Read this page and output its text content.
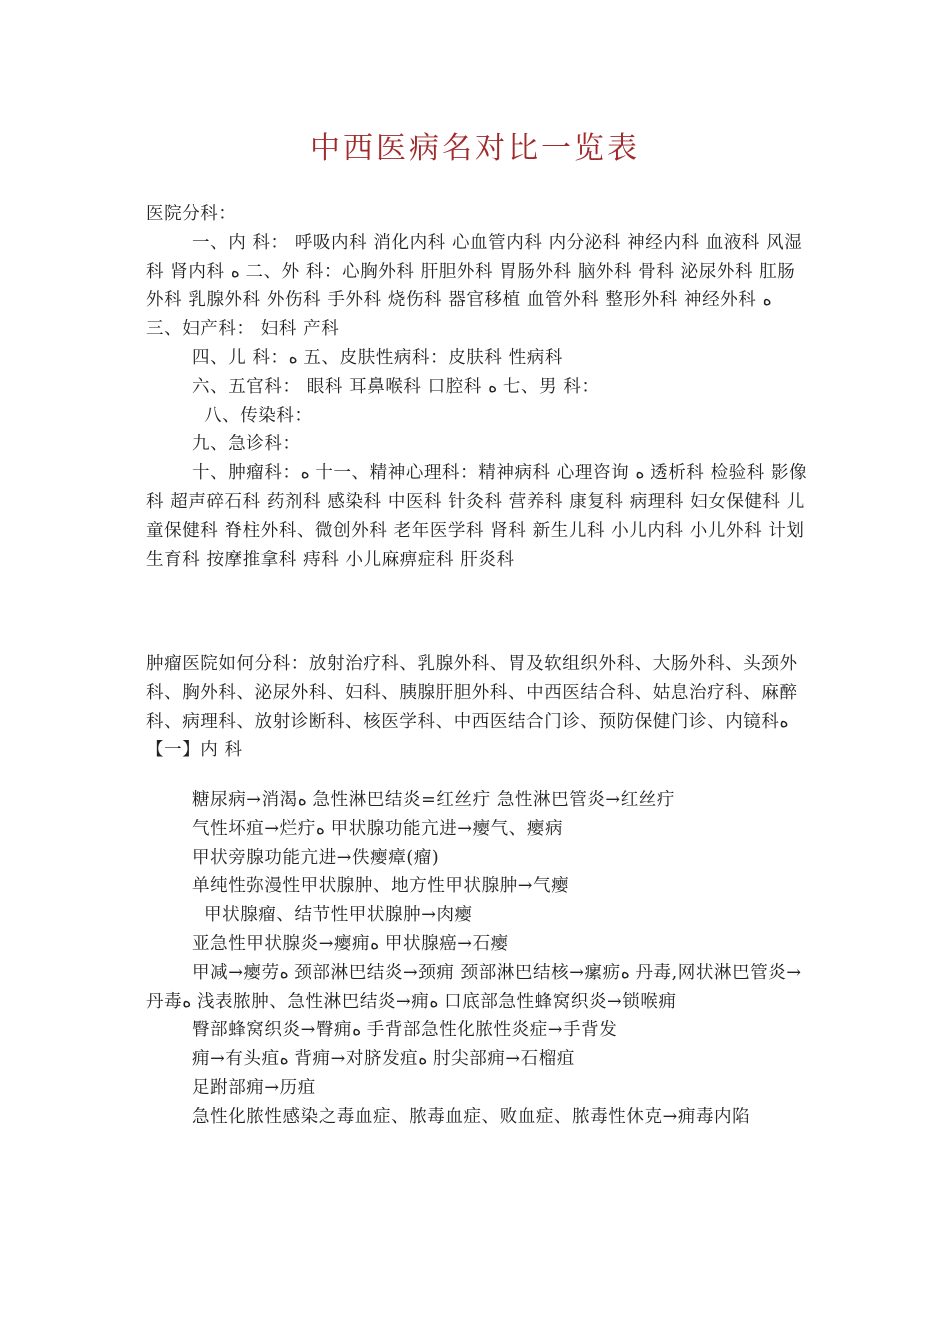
中西医病名对比一览表

医院分科：

一、内 科： 呼吸内科 消化内科 心血管内科 内分泌科 神经内科 血液科 风湿科 肾内科 ﻩ 二、外 科：心胸外科 肝胆外科 胃肠外科 脑外科 骨科 泌尿外科 肛肠外科 乳腺外科 外伤科 手外科 烧伤科 器官移植 血管外科 整形外科 神经外科 ﻩ 三、妇产科： 妇科 产科

四、儿 科：ﻩ 五、皮肤性病科：皮肤科 性病科

六、五官科： 眼科 耳鼻喉科 口腔科 ﻩ 七、男 科：

八、传染科：

九、急诊科：

十、肿瘤科：ﻩ 十一、精神心理科：精神病科 心理咨询 ﻩ 透析科 检验科 影像科 超声碎石科 药剂科 感染科 中医科 针灸科 营养科 康复科 病理科 妇女保健科 儿童保健科 脊柱外科、微创外科 老年医学科 肾科 新生儿科 小儿内科 小儿外科 计划生育科 按摩推拿科 痔科 小儿麻痹症科 肝炎科

肿瘤医院如何分科：放射治疗科、乳腺外科、胃及软组织外科、大肠外科、头颈外科、胸外科、泌尿外科、妇科、胰腺肝胆外科、中西医结合科、姑息治疗科、麻醉科、病理科、放射诊断科、核医学科、中西医结合门诊、预防保健门诊、内镜科ﻩ【一】内 科

糖尿病→消渴ﻩ 急性淋巴结炎=红丝疔 急性淋巴管炎→红丝疔

气性坏疽→烂疔ﻩ 甲状腺功能亢进→瘿气、瘿病

甲状旁腺功能亢进→佚瘿瘴(瘤)

单纯性弥漫性甲状腺肿、地方性甲状腺肿→气瘿

甲状腺瘤、结节性甲状腺肿→肉瘿

亚急性甲状腺炎→瘿痈ﻩ 甲状腺癌→石瘿

甲减→瘿劳ﻩ 颈部淋巴结炎→颈痈 颈部淋巴结核→瘰疬ﻩ 丹毒,网状淋巴管炎→丹毒ﻩ 浅表脓肿、急性淋巴结炎→痈ﻩ 口底部急性蜂窝织炎→锁喉痈

臀部蜂窝织炎→臀痈ﻩ 手背部急性化脓性炎症→手背发

痈→有头疽ﻩ 背痈→对脐发疽ﻩ 肘尖部痈→石榴疽

足跗部痈→历疽

急性化脓性感染之毒血症、脓毒血症、败血症、脓毒性休克→痈毒内陷
